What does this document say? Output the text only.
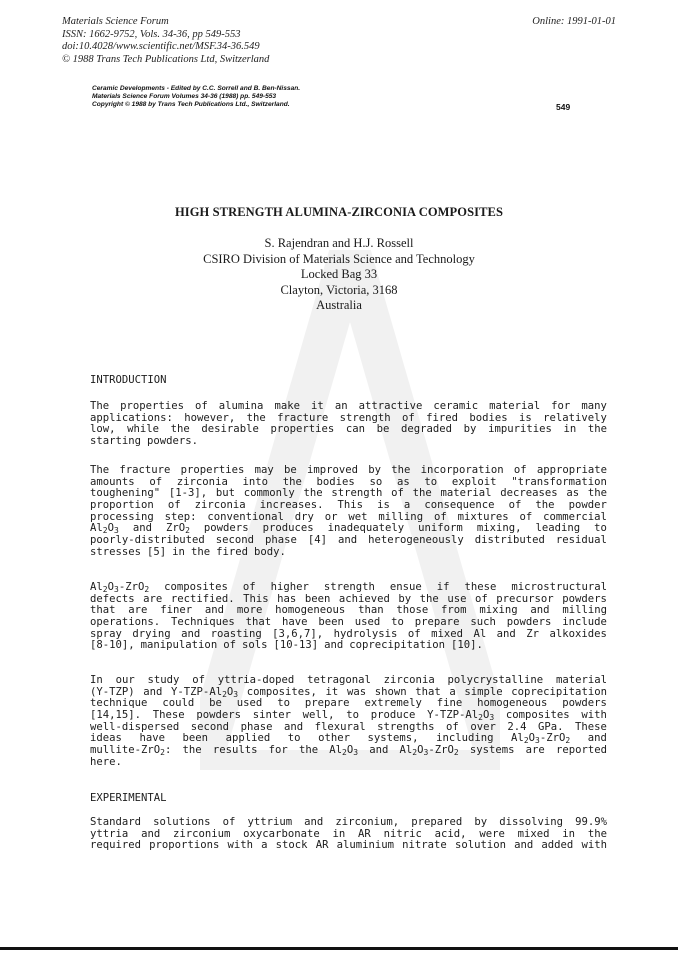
Materials Science Forum
ISSN: 1662-9752, Vols. 34-36, pp 549-553
doi:10.4028/www.scientific.net/MSF.34-36.549
© 1988 Trans Tech Publications Ltd, Switzerland
Online: 1991-01-01
Ceramic Developments - Edited by C.C. Sorrell and B. Ben-Nissan.
Materials Science Forum Volumes 34-36 (1988) pp. 549-553
Copyright © 1988 by Trans Tech Publications Ltd., Switzerland.	549
HIGH STRENGTH ALUMINA-ZIRCONIA COMPOSITES
S. Rajendran and H.J. Rossell
CSIRO Division of Materials Science and Technology
Locked Bag 33
Clayton, Victoria, 3168
Australia
INTRODUCTION
The properties of alumina make it an attractive ceramic material for many
applications: however, the fracture strength of fired bodies is relatively
low, while the desirable properties can be degraded by impurities in the
starting powders.
The fracture properties may be improved by the incorporation of appropriate
amounts of zirconia into the bodies so as to exploit "transformation
toughening" [1-3], but commonly the strength of the material decreases as the
proportion of zirconia increases. This is a consequence of the powder
processing step: conventional dry or wet milling of mixtures of commercial
$Al_2O_3$ and ZrO$_2$ powders produces inadequately uniform mixing, leading to
poorly-distributed second phase [4] and heterogeneously distributed residual
stresses [5] in the fired body.
$Al_2O_3-ZrO_2$ composites of higher strength ensue if these microstructural
defects are rectified. This has been achieved by the use of precursor powders
that are finer and more homogeneous than those from mixing and milling
operations. Techniques that have been used to prepare such powders include
spray drying and roasting [3,6,7], hydrolysis of mixed Al and Zr alkoxides
[8-10], manipulation of sols [10-13] and coprecipitation [10].
In our study of yttria-doped tetragonal zirconia polycrystalline material
(Y-TZP) and $Y-TZP-Al_2O_3$ composites, it was shown that a simple coprecipitation
technique could be used to prepare extremely fine homogeneous powders
[14,15]. These powders sinter well, to produce $Y-TZP-Al_2O_3$ composites with
well-dispersed second phase and flexural strengths of over 2.4 GPa. These
ideas have been applied to other systems, including $Al_2O_3-ZrO_2$ and
mullite-ZrO$_2$: the results for the $Al_2O_3$ and $Al_2O_3-ZrO_2$ systems are reported
here.
EXPERIMENTAL
Standard solutions of yttrium and zirconium, prepared by dissolving 99.9%
yttria and zirconium oxycarbonate in AR nitric acid, were mixed in the
required proportions with a stock AR aluminium nitrate solution and added with
